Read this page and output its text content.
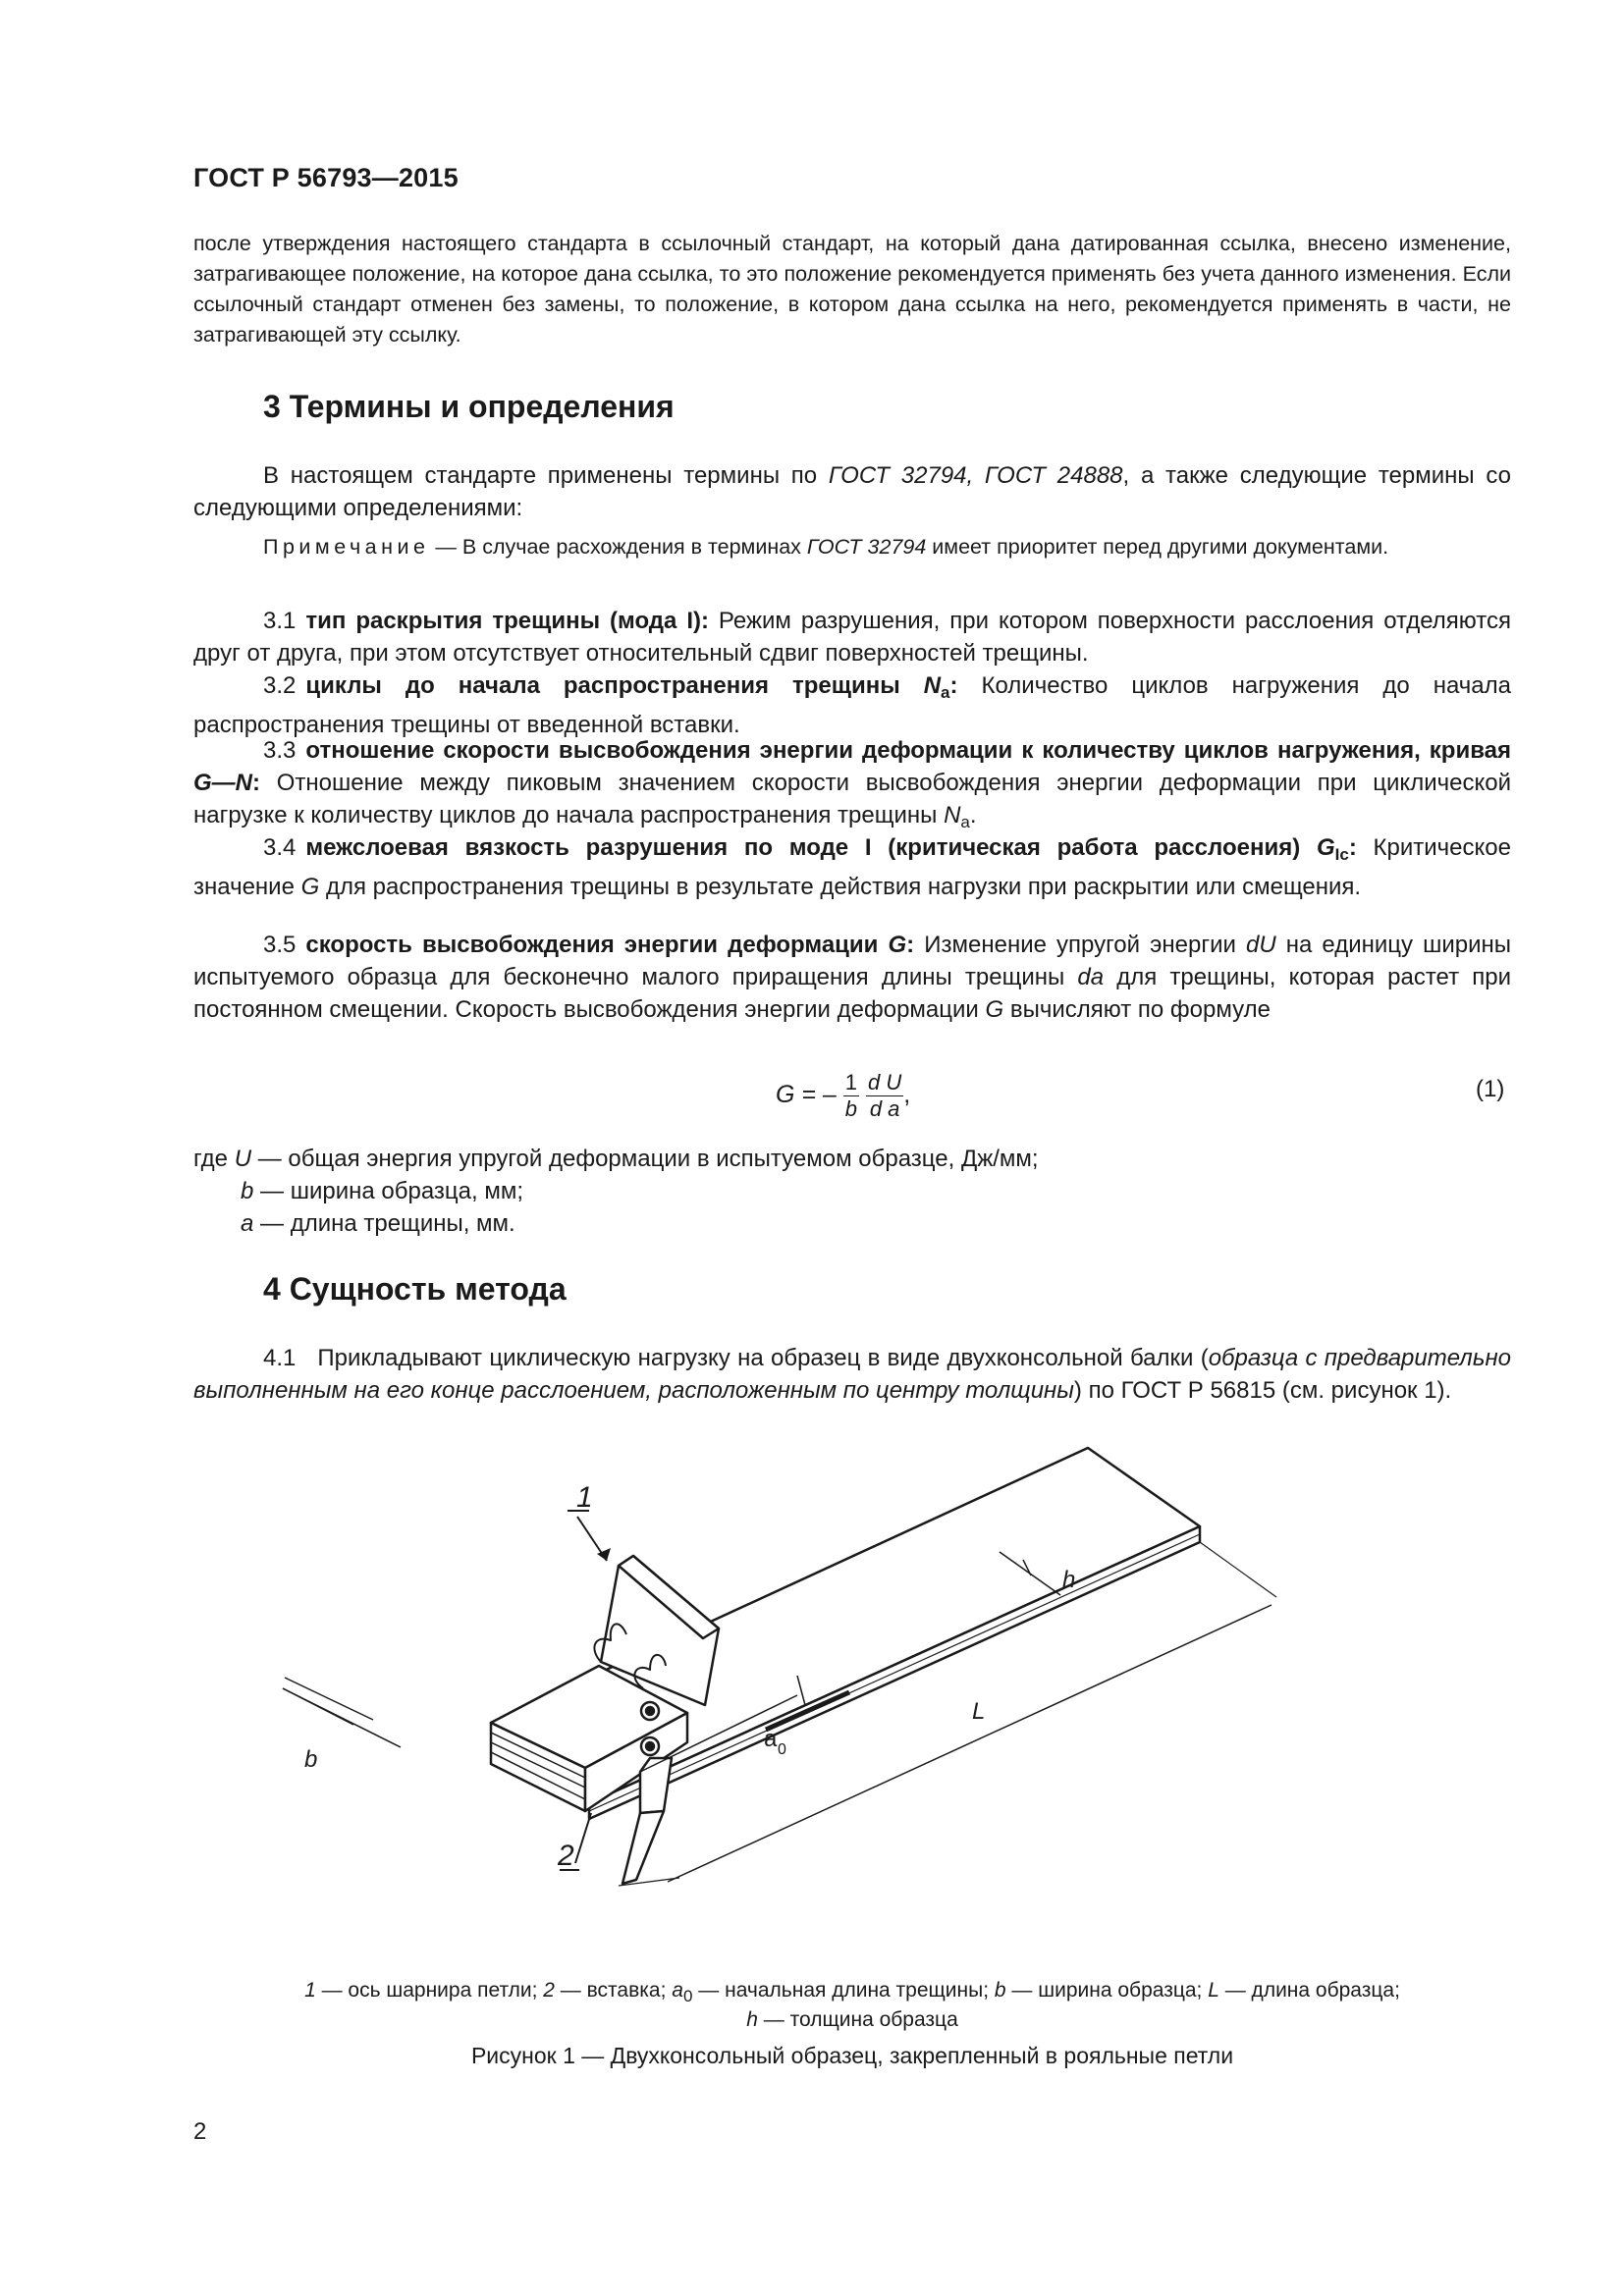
ГОСТ Р 56793—2015
после утверждения настоящего стандарта в ссылочный стандарт, на который дана датированная ссылка, внесено изменение, затрагивающее положение, на которое дана ссылка, то это положение рекомендуется применять без учета данного изменения. Если ссылочный стандарт отменен без замены, то положение, в котором дана ссылка на него, рекомендуется применять в части, не затрагивающей эту ссылку.
3 Термины и определения
В настоящем стандарте применены термины по ГОСТ 32794, ГОСТ 24888, а также следующие термины со следующими определениями:
Примечание — В случае расхождения в терминах ГОСТ 32794 имеет приоритет перед другими документами.
3.1 тип раскрытия трещины (мода I): Режим разрушения, при котором поверхности расслоения отделяются друг от друга, при этом отсутствует относительный сдвиг поверхностей трещины.
3.2 циклы до начала распространения трещины $N_a$: Количество циклов нагружения до начала распространения трещины от введенной вставки.
3.3 отношение скорости высвобождения энергии деформации к количеству циклов нагружения, кривая G—N: Отношение между пиковым значением скорости высвобождения энергии деформации при циклической нагрузке к количеству циклов до начала распространения трещины $N_a$.
3.4 межслоевая вязкость разрушения по моде I (критическая работа расслоения) $G_{Ic}$: Критическое значение G для распространения трещины в результате действия нагрузки при раскрытии или смещения.
3.5 скорость высвобождения энергии деформации G: Изменение упругой энергии dU на единицу ширины испытуемого образца для бесконечно малого приращения длины трещины da для трещины, которая растет при постоянном смещении. Скорость высвобождения энергии деформации G вычисляют по формуле
G = – $\frac{1}{b}$
$\frac{\text{d U}}{\text{d a}}$ ,	(1)
где U — общая энергия упругой деформации в испытуемом образце, Дж/мм;
b — ширина образца, мм;
a — длина трещины, мм.
4 Сущность метода
4.1 Прикладывают циклическую нагрузку на образец в виде двухконсольной балки (образца с предварительно выполненным на его конце расслоением, расположенным по центру толщины) по ГОСТ Р 56815 (см. рисунок 1).
1
2
b
a 0
L
h
1 — ось шарнира петли; 2 — вставка; $a_0$ — начальная длина трещины; b — ширина образца; L — длина образца;
h — толщина образца
Рисунок 1 — Двухконсольный образец, закрепленный в рояльные петли
2
